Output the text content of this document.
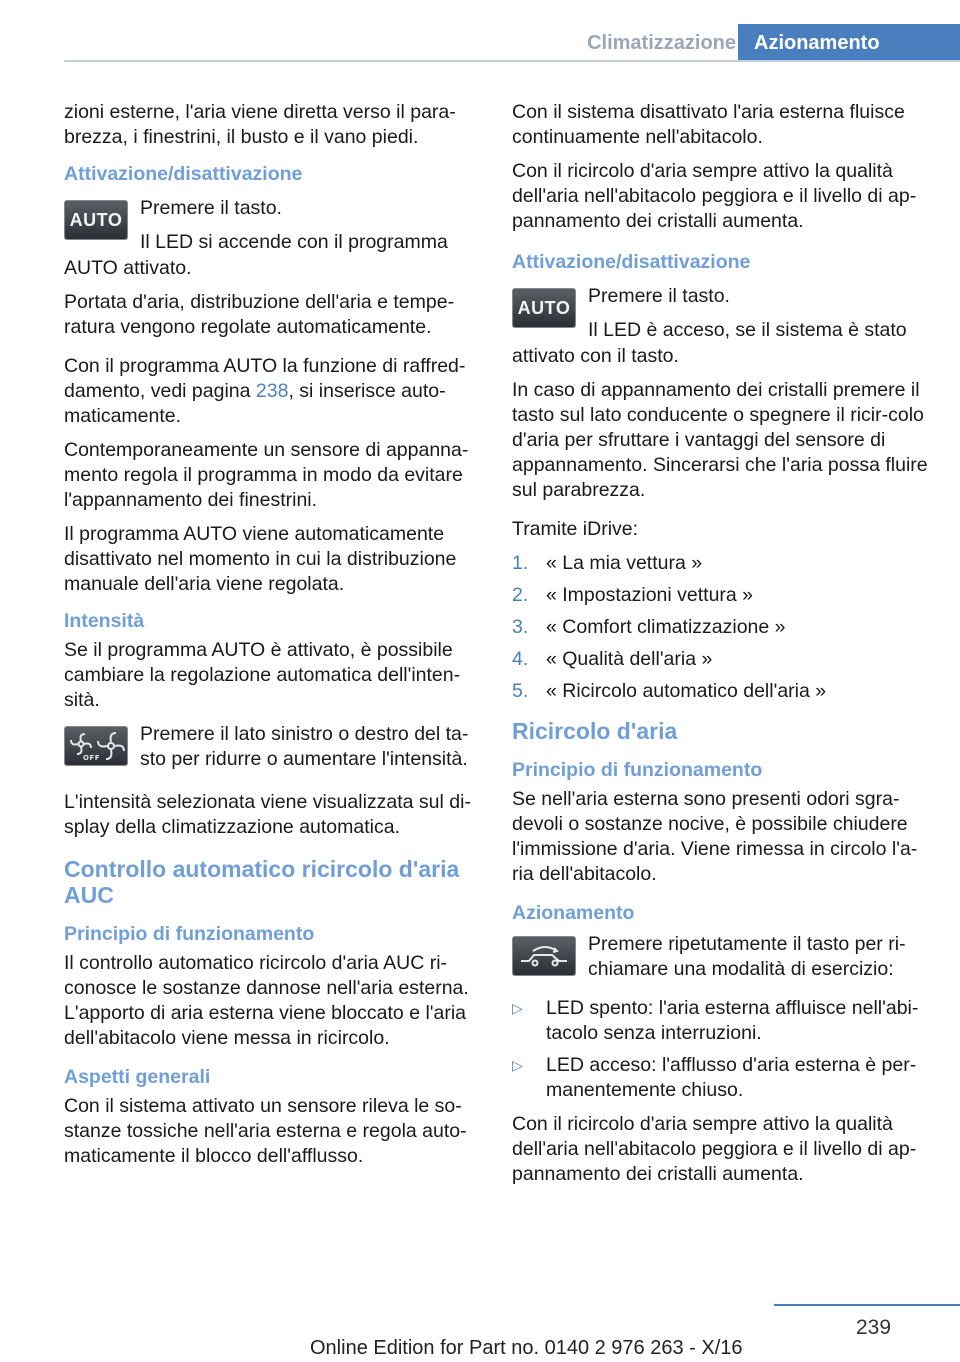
Climatizzazione Azionamento

zioni esterne, l'aria viene diretta verso il para-brezza, i finestrini, il busto e il vano piedi.

Attivazione/disattivazione
AUTO

Premere il tasto.

Il LED si accende con il programma

AUTO attivato.

Portata d'aria, distribuzione dell'aria e tempe-ratura vengono regolate automaticamente.

Con il programma AUTO la funzione di raffred-damento, vedi pagina 238, si inserisce auto-maticamente.

Contemporaneamente un sensore di appanna-mento regola il programma in modo da evitare l'appannamento dei finestrini.

Il programma AUTO viene automaticamente disattivato nel momento in cui la distribuzione manuale dell'aria viene regolata.

Intensità

Se il programma AUTO è attivato, è possibile cambiare la regolazione automatica dell'inten-sità.

OFF

Premere il lato sinistro o destro del ta-sto per ridurre o aumentare l'intensità.

L'intensità selezionata viene visualizzata sul di-splay della climatizzazione automatica.

Controllo automatico ricircolo d'aria AUC
Principio di funzionamento

Il controllo automatico ricircolo d'aria AUC ri-conosce le sostanze dannose nell'aria esterna. L'apporto di aria esterna viene bloccato e l'aria dell'abitacolo viene messa in ricircolo.

Aspetti generali

Con il sistema attivato un sensore rileva le so-stanze tossiche nell'aria esterna e regola auto-maticamente il blocco dell'afflusso.

Con il sistema disattivato l'aria esterna fluisce continuamente nell'abitacolo.

Con il ricircolo d'aria sempre attivo la qualità dell'aria nell'abitacolo peggiora e il livello di ap-pannamento dei cristalli aumenta.

Attivazione/disattivazione
AUTO

Premere il tasto.

Il LED è acceso, se il sistema è stato

attivato con il tasto.

In caso di appannamento dei cristalli premere il tasto sul lato conducente o spegnere il ricir-colo d'aria per sfruttare i vantaggi del sensore di appannamento. Sincerarsi che l'aria possa fluire sul parabrezza.

Tramite iDrive:

1. « La mia vettura »
2. « Impostazioni vettura »
3. « Comfort climatizzazione »
4. « Qualità dell'aria »
5. « Ricircolo automatico dell'aria »
Ricircolo d'aria
Principio di funzionamento

Se nell'aria esterna sono presenti odori sgra-devoli o sostanze nocive, è possibile chiudere l'immissione d'aria. Viene rimessa in circolo l'a-ria dell'abitacolo.

Azionamento

Premere ripetutamente il tasto per ri-chiamare una modalità di esercizio:

▷	LED spento: l'aria esterna affluisce nell'abi-tacolo senza interruzioni.
▷	LED acceso: l'afflusso d'aria esterna è per-manentemente chiuso.

Con il ricircolo d'aria sempre attivo la qualità dell'aria nell'abitacolo peggiora e il livello di ap-pannamento dei cristalli aumenta.

239
Online Edition for Part no. 0140 2 976 263 - X/16
